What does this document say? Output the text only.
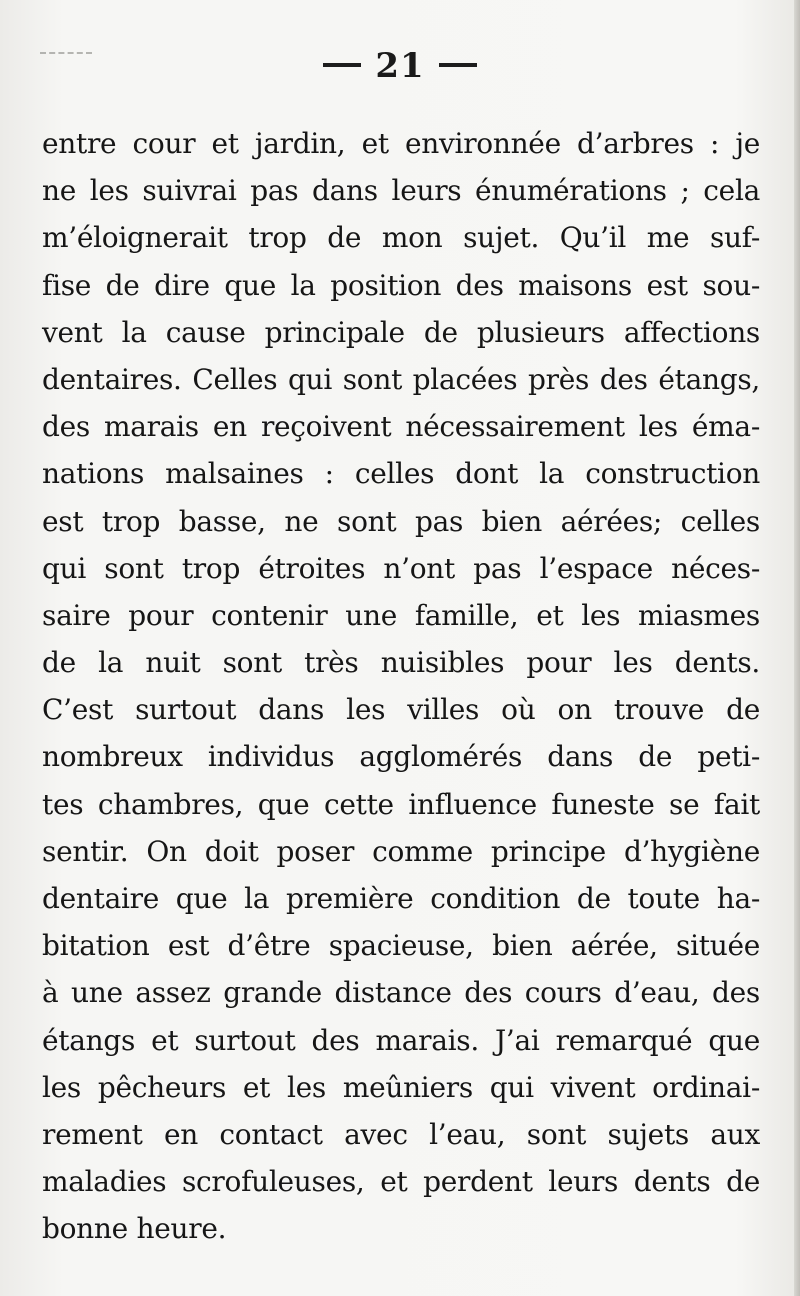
21
entre cour et jardin, et environnée d’arbres : je
ne les suivrai pas dans leurs énumérations ; cela
m’éloignerait trop de mon sujet. Qu’il me suf-
fise de dire que la position des maisons est sou-
vent la cause principale de plusieurs affections
dentaires. Celles qui sont placées près des étangs,
des marais en reçoivent nécessairement les éma-
nations malsaines : celles dont la construction
est trop basse, ne sont pas bien aérées; celles
qui sont trop étroites n’ont pas l’espace néces-
saire pour contenir une famille, et les miasmes
de la nuit sont très nuisibles pour les dents.
C’est surtout dans les villes où on trouve de
nombreux individus agglomérés dans de peti-
tes chambres, que cette influence funeste se fait
sentir. On doit poser comme principe d’hygiène
dentaire que la première condition de toute ha-
bitation est d’être spacieuse, bien aérée, située
à une assez grande distance des cours d’eau, des
étangs et surtout des marais. J’ai remarqué que
les pêcheurs et les meûniers qui vivent ordinai-
rement en contact avec l’eau, sont sujets aux
maladies scrofuleuses, et perdent leurs dents de
bonne heure.
